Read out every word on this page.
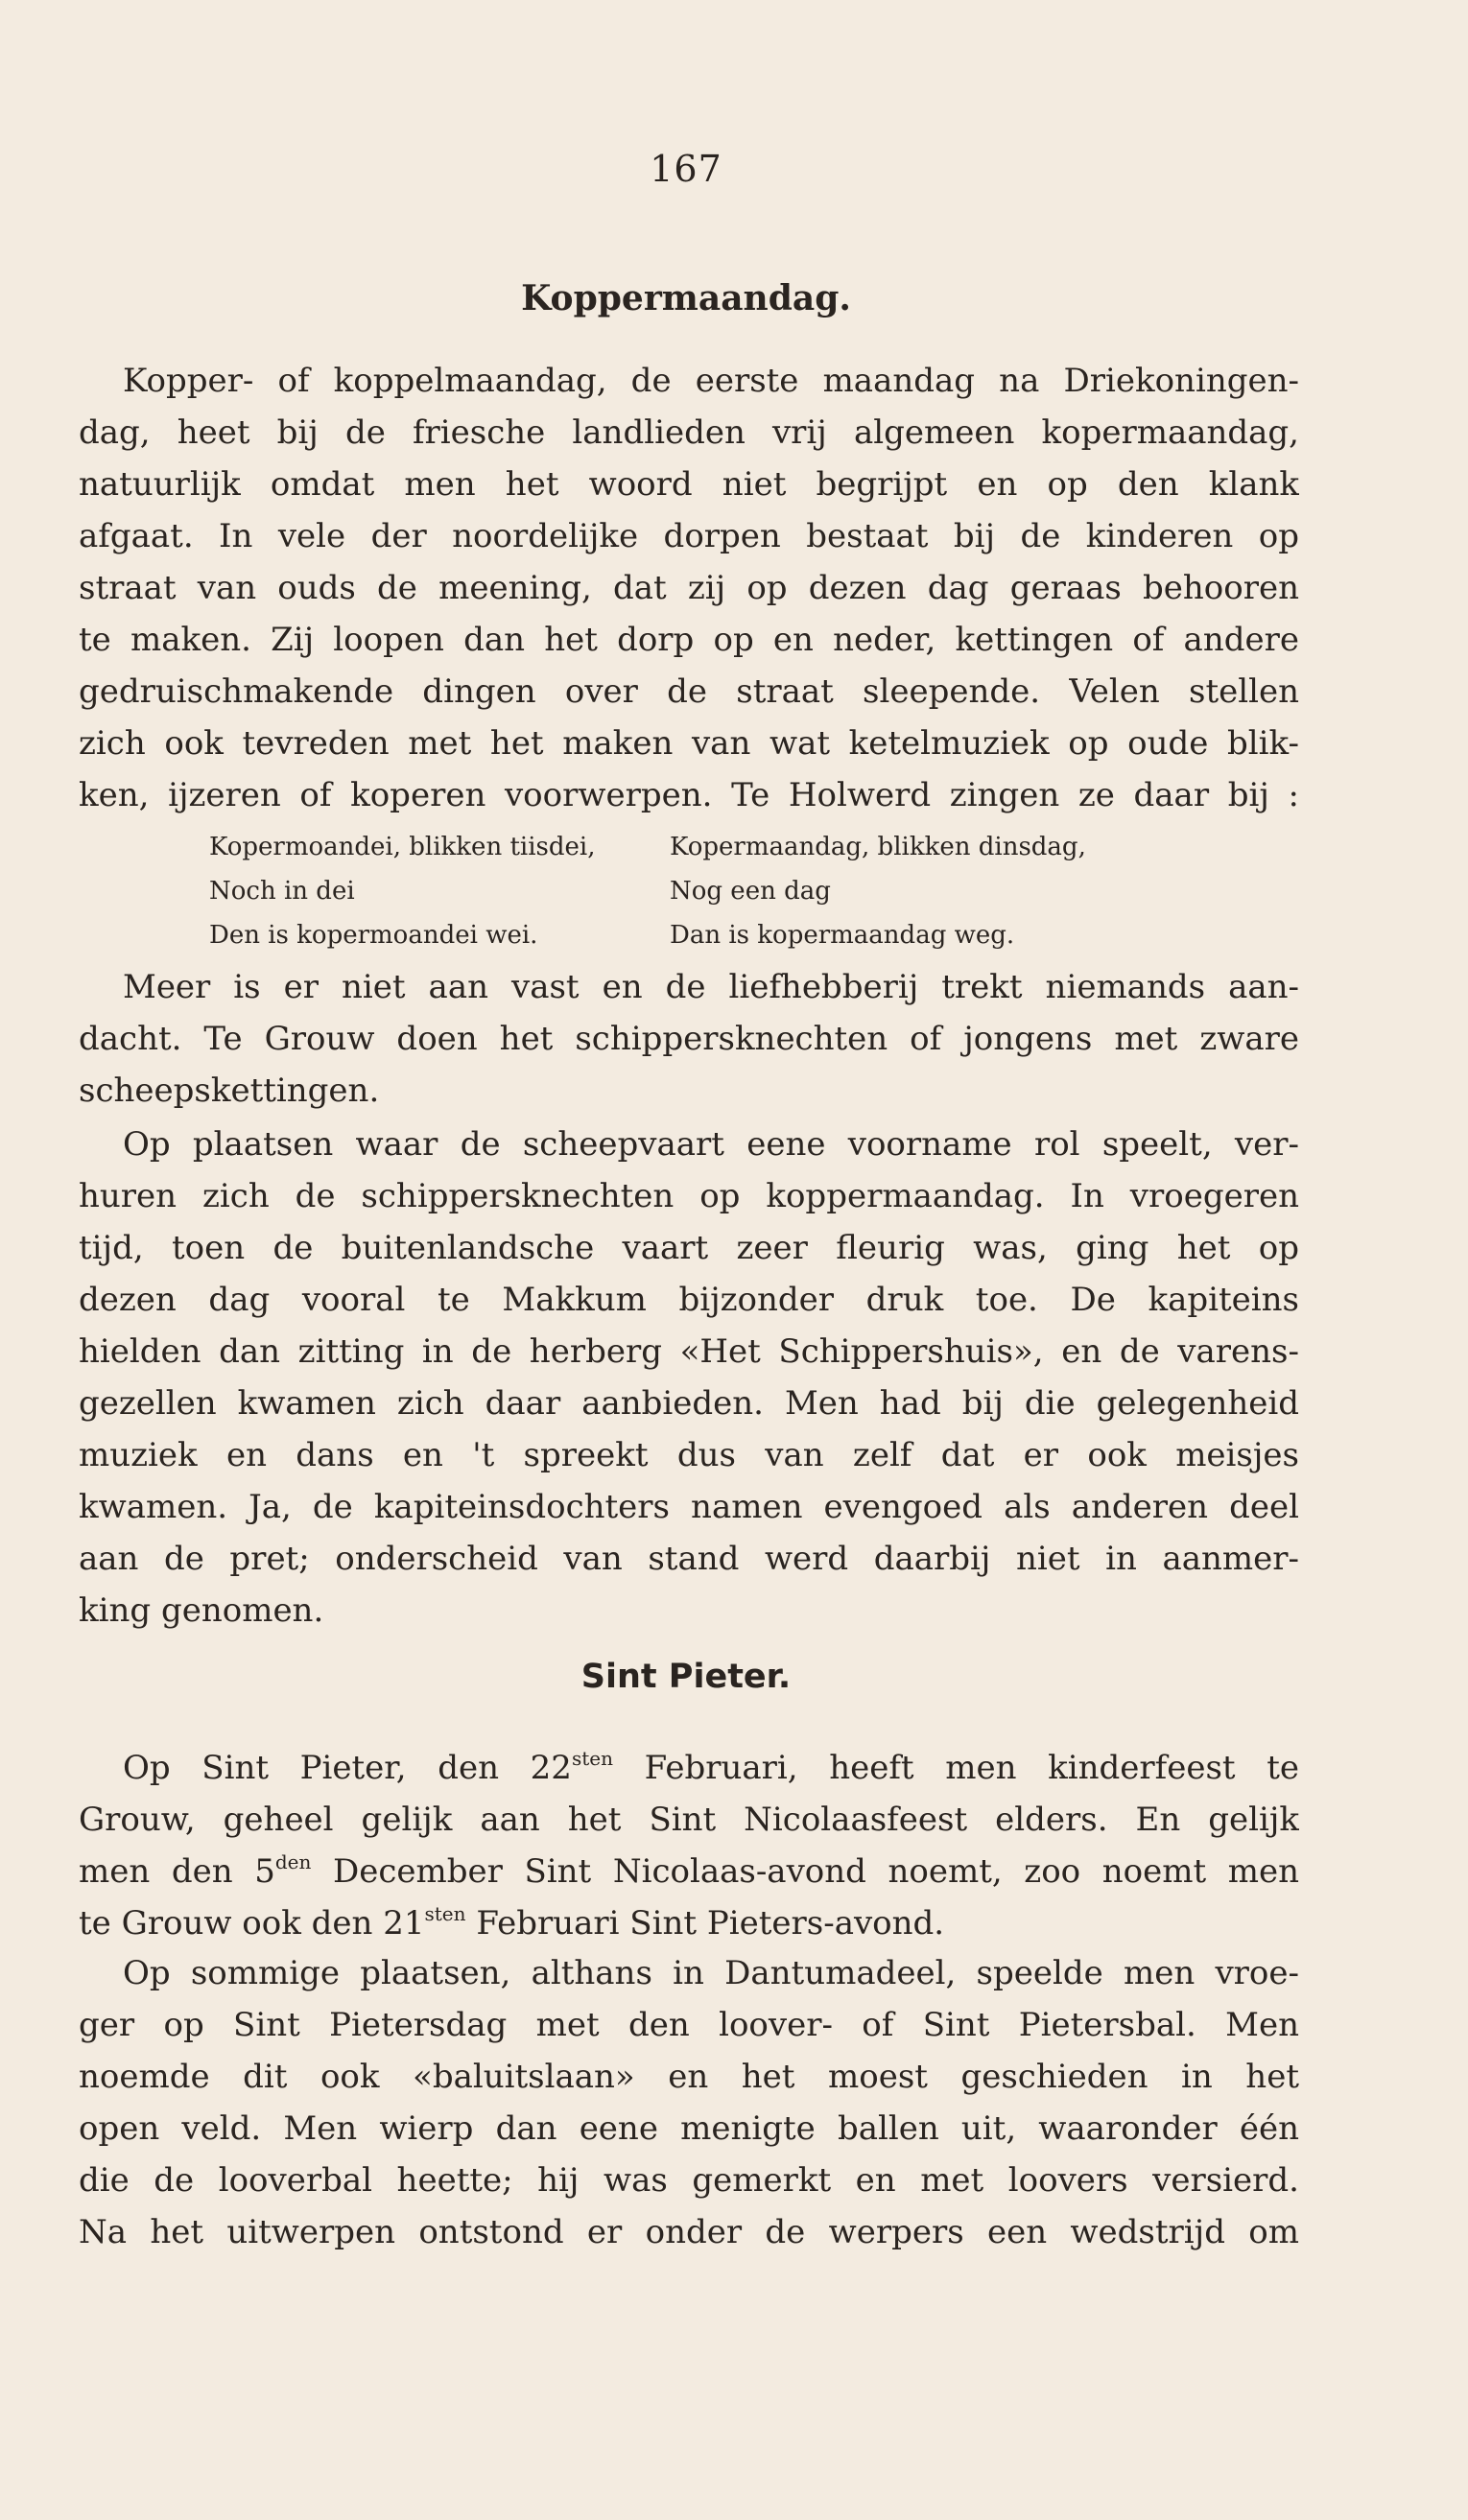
167
Koppermaandag.
Kopper- of koppelmaandag, de eerste maandag na Driekoningen-
dag, heet bij de friesche landlieden vrij algemeen kopermaandag,
natuurlijk omdat men het woord niet begrijpt en op den klank
afgaat. In vele der noordelijke dorpen bestaat bij de kinderen op
straat van ouds de meening, dat zij op dezen dag geraas behooren
te maken. Zij loopen dan het dorp op en neder, kettingen of andere
gedruischmakende dingen over de straat sleepende. Velen stellen
zich ook tevreden met het maken van wat ketelmuziek op oude blik-
ken, ijzeren of koperen voorwerpen. Te Holwerd zingen ze daar bij :
Kopermoandei, blikken tiisdei,	Kopermaandag, blikken dinsdag,
Noch in dei	Nog een dag
Den is kopermoandei wei.	Dan is kopermaandag weg.
Meer is er niet aan vast en de liefhebberij trekt niemands aan-
dacht. Te Grouw doen het schippersknechten of jongens met zware
scheepskettingen.
Op plaatsen waar de scheepvaart eene voorname rol speelt, ver-
huren zich de schippersknechten op koppermaandag. In vroegeren
tijd, toen de buitenlandsche vaart zeer fleurig was, ging het op
dezen dag vooral te Makkum bijzonder druk toe. De kapiteins
hielden dan zitting in de herberg «Het Schippershuis», en de varens-
gezellen kwamen zich daar aanbieden. Men had bij die gelegenheid
muziek en dans en 't spreekt dus van zelf dat er ook meisjes
kwamen. Ja, de kapiteinsdochters namen evengoed als anderen deel
aan de pret; onderscheid van stand werd daarbij niet in aanmer-
king genomen.
Sint Pieter.
Op Sint Pieter, den $22^{sten}$ Februari, heeft men kinderfeest te
Grouw, geheel gelijk aan het Sint Nicolaasfeest elders. En gelijk
men den $5^{den}$ December Sint Nicolaas-avond noemt, zoo noemt men
te Grouw ook den $21^{sten}$ Februari Sint Pieters-avond.
Op sommige plaatsen, althans in Dantumadeel, speelde men vroe-
ger op Sint Pietersdag met den loover- of Sint Pietersbal. Men
noemde dit ook «baluitslaan» en het moest geschieden in het
open veld. Men wierp dan eene menigte ballen uit, waaronder één
die de looverbal heette; hij was gemerkt en met loovers versierd.
Na het uitwerpen ontstond er onder de werpers een wedstrijd om
